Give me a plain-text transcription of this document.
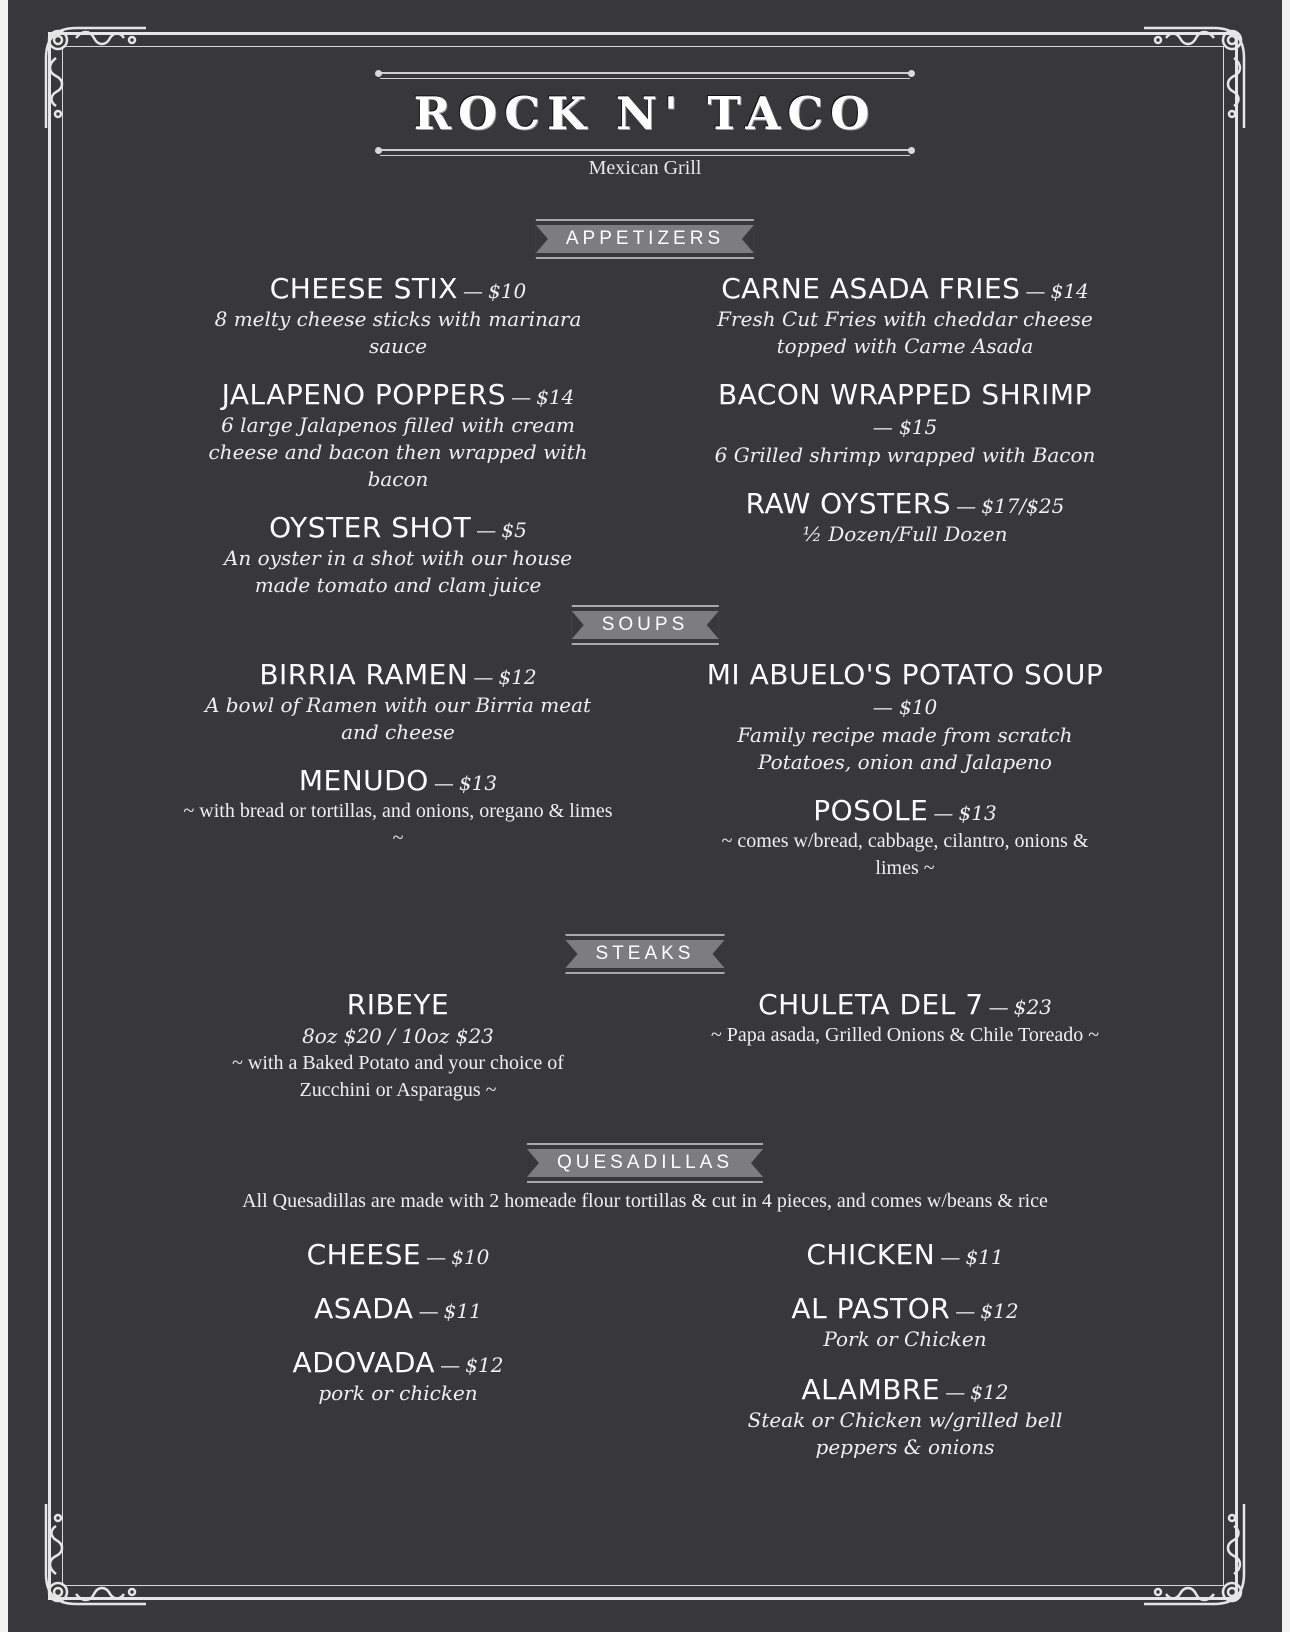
ROCK N' TACO
Mexican Grill
APPETIZERS
CHEESE STIX — $10
8 melty cheese sticks with marinara sauce
JALAPENO POPPERS — $14
6 large Jalapenos filled with cream cheese and bacon then wrapped with bacon
OYSTER SHOT — $5
An oyster in a shot with our house made tomato and clam juice
CARNE ASADA FRIES — $14
Fresh Cut Fries with cheddar cheese topped with Carne Asada
BACON WRAPPED SHRIMP
— $15
6 Grilled shrimp wrapped with Bacon
RAW OYSTERS — $17/$25
½ Dozen/Full Dozen
SOUPS
BIRRIA RAMEN — $12
A bowl of Ramen with our Birria meat and cheese
MENUDO — $13
~ with bread or tortillas, and onions, oregano & limes ~
MI ABUELO'S POTATO SOUP
— $10
Family recipe made from scratch Potatoes, onion and Jalapeno
POSOLE — $13
~ comes w/bread, cabbage, cilantro, onions & limes ~
STEAKS
RIBEYE
8oz $20 / 10oz $23
~ with a Baked Potato and your choice of Zucchini or Asparagus ~
CHULETA DEL 7 — $23
~ Papa asada, Grilled Onions & Chile Toreado ~
QUESADILLAS
All Quesadillas are made with 2 homeade flour tortillas & cut in 4 pieces, and comes w/beans & rice
CHEESE — $10
ASADA — $11
ADOVADA — $12
pork or chicken
CHICKEN — $11
AL PASTOR — $12
Pork or Chicken
ALAMBRE — $12
Steak or Chicken w/grilled bell peppers & onions
